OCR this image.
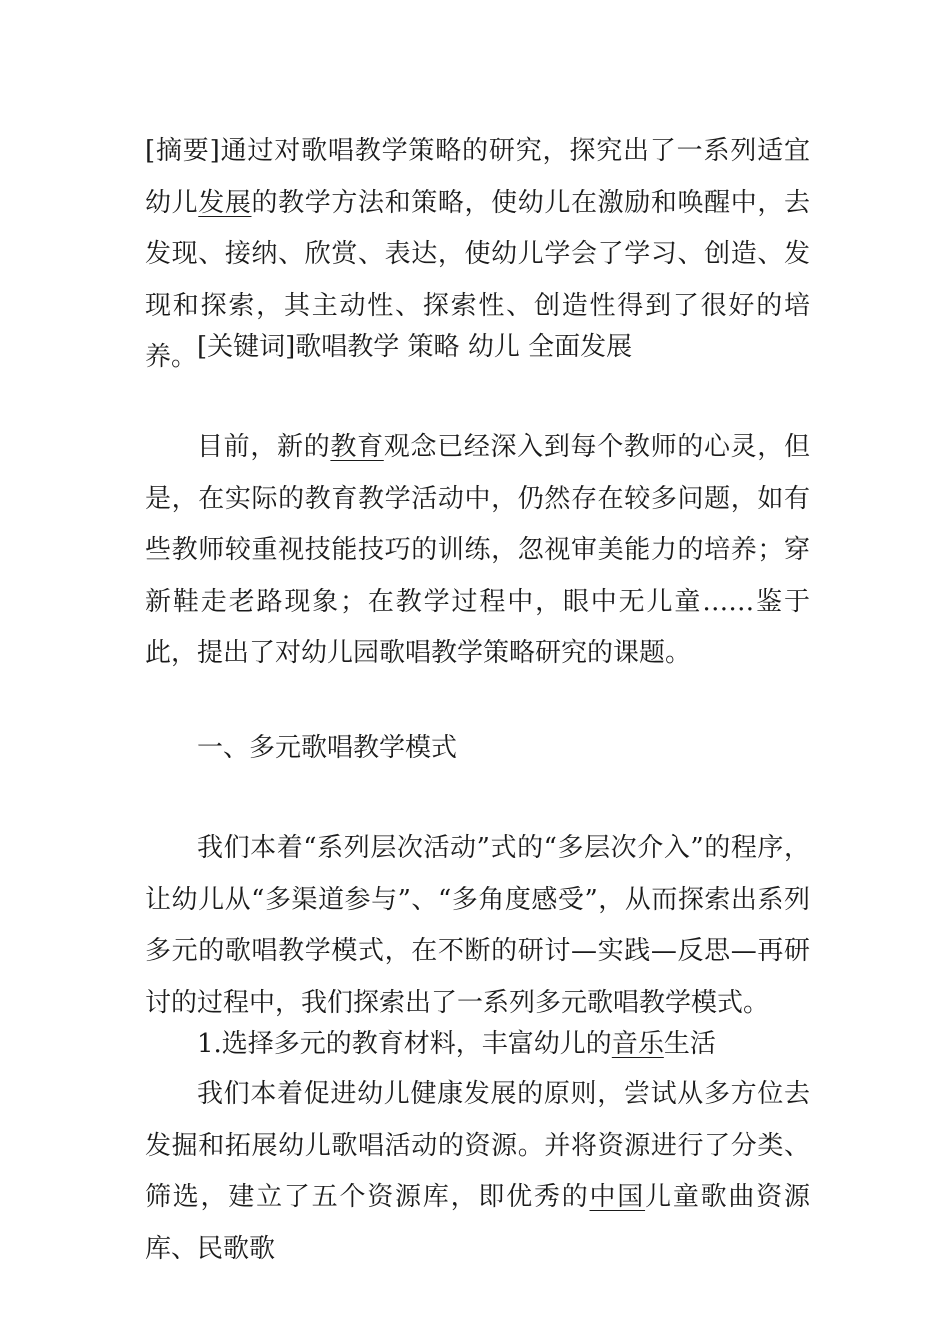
[摘要]通过对歌唱教学策略的研究，探究出了一系列适宜幼儿发展的教学方法和策略，使幼儿在激励和唤醒中，去发现、接纳、欣赏、表达，使幼儿学会了学习、创造、发现和探索，其主动性、探索性、创造性得到了很好的培养。 [关键词]歌唱教学 策略 幼儿 全面发展

目前，新的教育观念已经深入到每个教师的心灵，但是，在实际的教育教学活动中，仍然存在较多问题，如有些教师较重视技能技巧的训练，忽视审美能力的培养；穿新鞋走老路现象；在教学过程中，眼中无儿童……鉴于此，提出了对幼儿园歌唱教学策略研究的课题。

一、多元歌唱教学模式

我们本着“系列层次活动”式的“多层次介入”的程序，让幼儿从“多渠道参与”、“多角度感受”，从而探索出系列多元的歌唱教学模式，在不断的研讨—实践—反思—再研讨的过程中，我们探索出了一系列多元歌唱教学模式。

1.选择多元的教育材料，丰富幼儿的音乐生活

我们本着促进幼儿健康发展的原则，尝试从多方位去发掘和拓展幼儿歌唱活动的资源。并将资源进行了分类、筛选，建立了五个资源库，即优秀的中国儿童歌曲资源库、民歌歌
